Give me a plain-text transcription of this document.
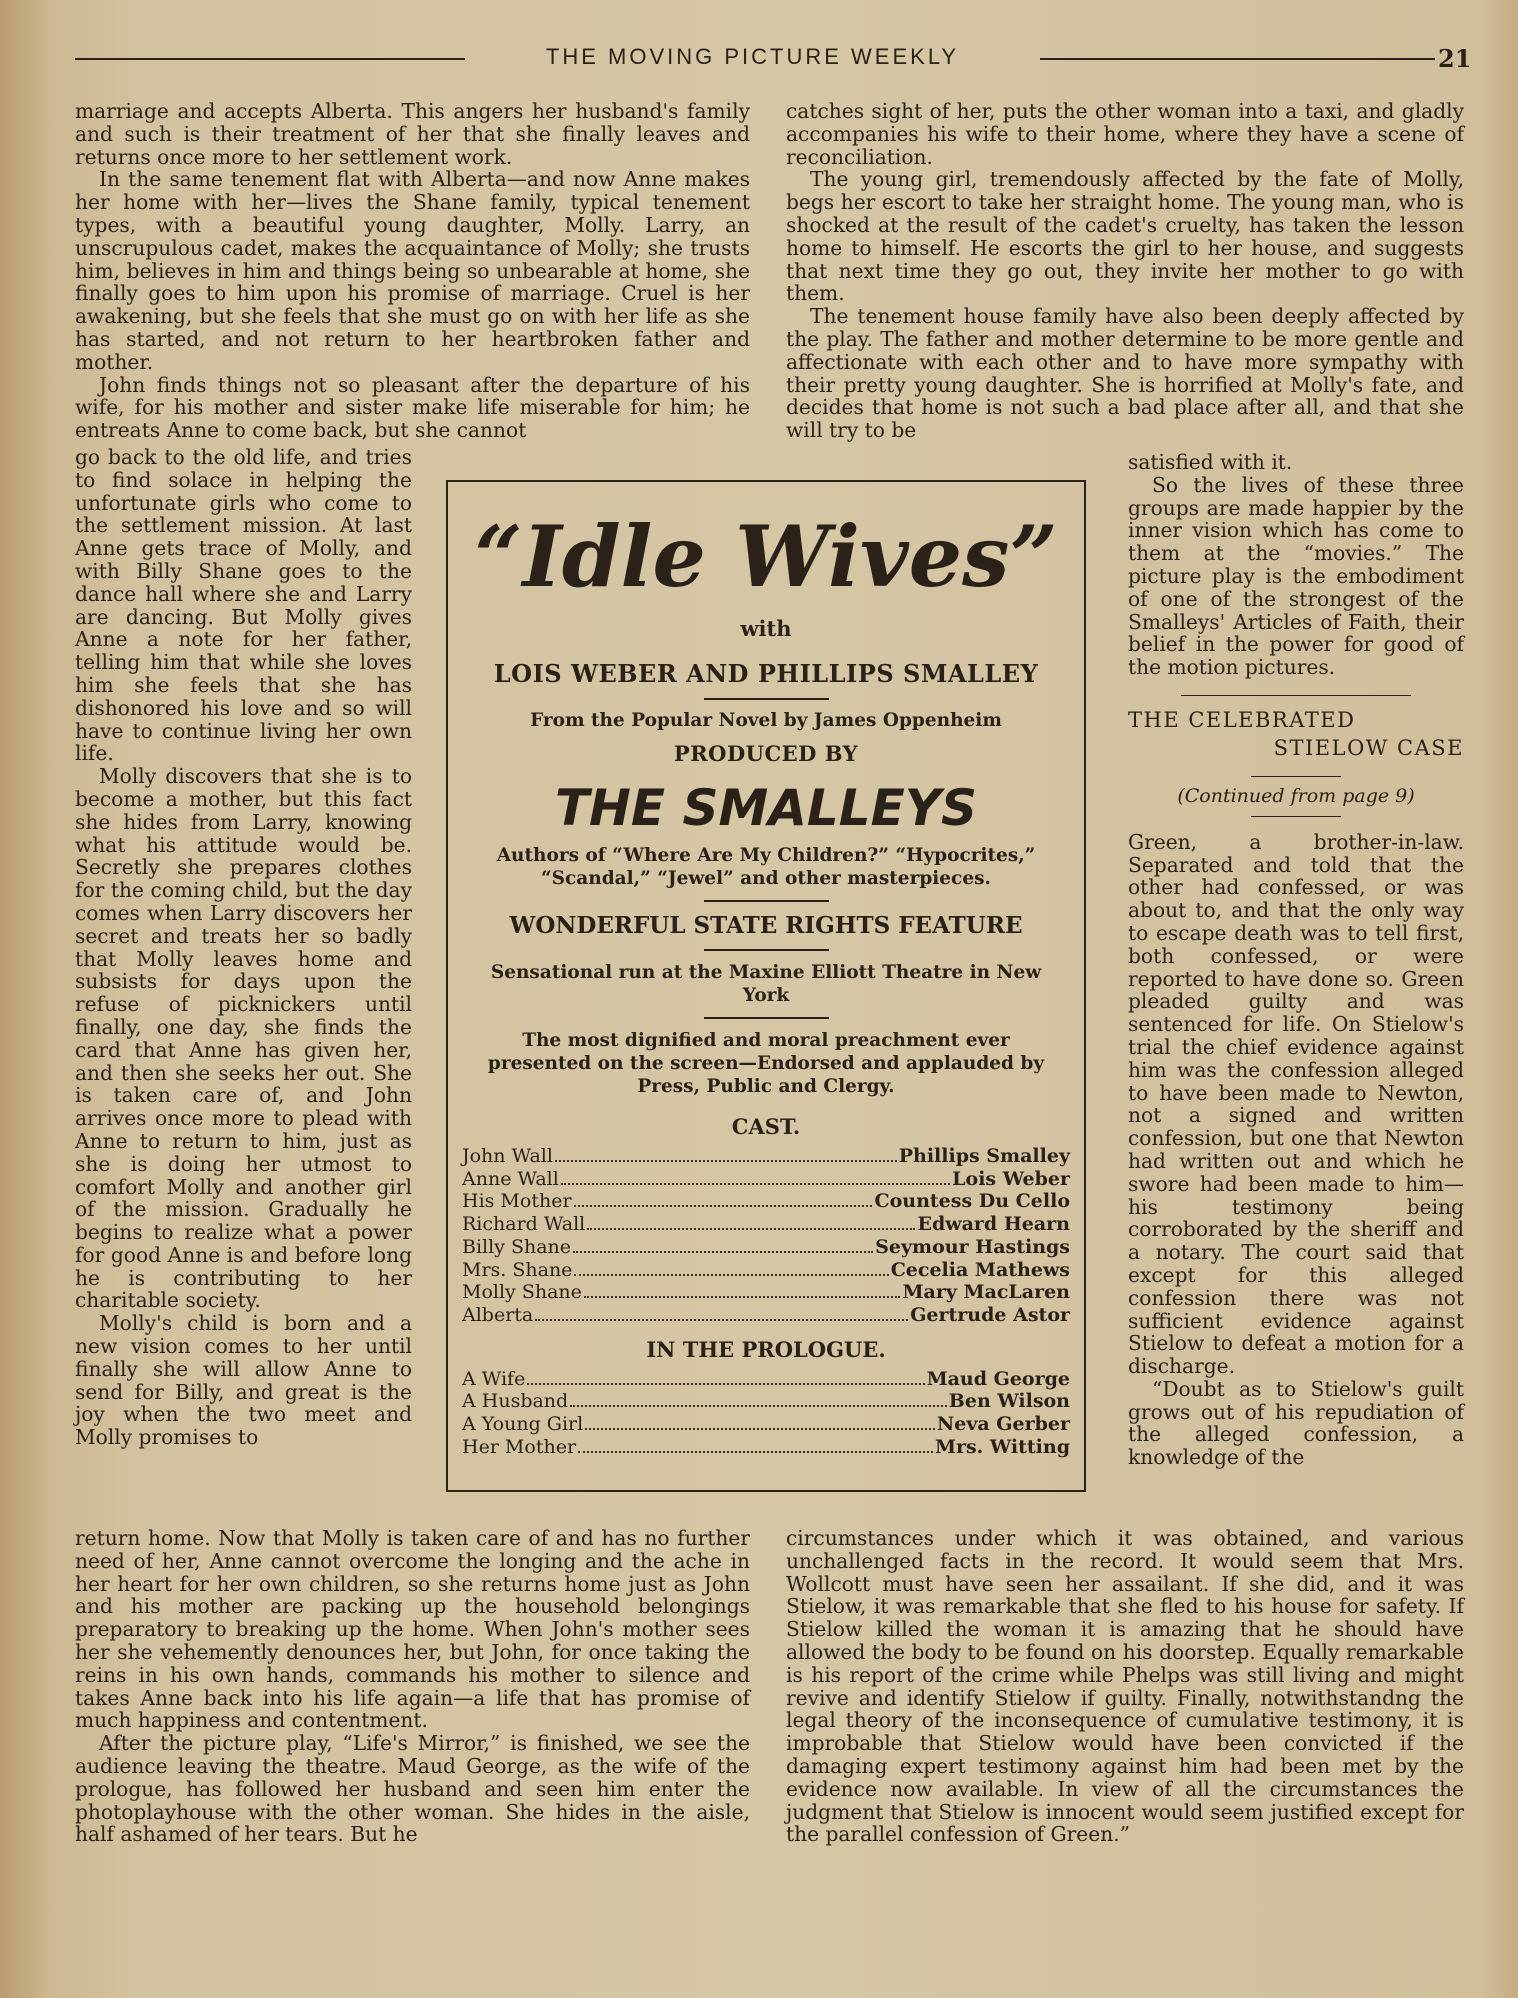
THE MOVING PICTURE WEEKLY	21

marriage and accepts Alberta. This angers her husband's family and such is their treatment of her that she finally leaves and returns once more to her settlement work.

In the same tenement flat with Alberta—and now Anne makes her home with her—lives the Shane family, typical tenement types, with a beautiful young daughter, Molly. Larry, an unscrupulous cadet, makes the acquaintance of Molly; she trusts him, believes in him and things being so unbearable at home, she finally goes to him upon his promise of marriage. Cruel is her awakening, but she feels that she must go on with her life as she has started, and not return to her heartbroken father and mother.

John finds things not so pleasant after the departure of his wife, for his mother and sister make life miserable for him; he entreats Anne to come back, but she cannot

go back to the old life, and tries to find solace in helping the unfortunate girls who come to the settlement mission. At last Anne gets trace of Molly, and with Billy Shane goes to the dance hall where she and Larry are dancing. But Molly gives Anne a note for her father, telling him that while she loves him she feels that she has dishonored his love and so will have to continue living her own life.

Molly discovers that she is to become a mother, but this fact she hides from Larry, knowing what his attitude would be. Secretly she prepares clothes for the coming child, but the day comes when Larry discovers her secret and treats her so badly that Molly leaves home and subsists for days upon the refuse of picknickers until finally, one day, she finds the card that Anne has given her, and then she seeks her out. She is taken care of, and John arrives once more to plead with Anne to return to him, just as she is doing her utmost to comfort Molly and another girl of the mission. Gradually he begins to realize what a power for good Anne is and before long he is contributing to her charitable society.

Molly's child is born and a new vision comes to her until finally she will allow Anne to send for Billy, and great is the joy when the two meet and Molly promises to

return home. Now that Molly is taken care of and has no further need of her, Anne cannot overcome the longing and the ache in her heart for her own children, so she returns home just as John and his mother are packing up the household belongings preparatory to breaking up the home. When John's mother sees her she vehemently denounces her, but John, for once taking the reins in his own hands, commands his mother to silence and takes Anne back into his life again—a life that has promise of much happiness and contentment.

After the picture play, “Life's Mirror,” is finished, we see the audience leaving the theatre. Maud George, as the wife of the prologue, has followed her husband and seen him enter the photoplayhouse with the other woman. She hides in the aisle, half ashamed of her tears. But he

catches sight of her, puts the other woman into a taxi, and gladly accompanies his wife to their home, where they have a scene of reconciliation.

The young girl, tremendously affected by the fate of Molly, begs her escort to take her straight home. The young man, who is shocked at the result of the cadet's cruelty, has taken the lesson home to himself. He escorts the girl to her house, and suggests that next time they go out, they invite her mother to go with them.

The tenement house family have also been deeply affected by the play. The father and mother determine to be more gentle and affectionate with each other and to have more sympathy with their pretty young daughter. She is horrified at Molly's fate, and decides that home is not such a bad place after all, and that she will try to be

satisfied with it.

So the lives of these three groups are made happier by the inner vision which has come to them at the “movies.” The picture play is the embodiment of one of the strongest of the Smalleys' Articles of Faith, their belief in the power for good of the motion pictures.

THE CELEBRATED
STIELOW CASE
(Continued from page 9)

Green, a brother-in-law. Separated and told that the other had confessed, or was about to, and that the only way to escape death was to tell first, both confessed, or were reported to have done so. Green pleaded guilty and was sentenced for life. On Stielow's trial the chief evidence against him was the confession alleged to have been made to Newton, not a signed and written confession, but one that Newton had written out and which he swore had been made to him—his testimony being corroborated by the sheriff and a notary. The court said that except for this alleged confession there was not sufficient evidence against Stielow to defeat a motion for a discharge.

“Doubt as to Stielow's guilt grows out of his repudiation of the alleged confession, a knowledge of the

circumstances under which it was obtained, and various unchallenged facts in the record. It would seem that Mrs. Wollcott must have seen her assailant. If she did, and it was Stielow, it was remarkable that she fled to his house for safety. If Stielow killed the woman it is amazing that he should have allowed the body to be found on his doorstep. Equally remarkable is his report of the crime while Phelps was still living and might revive and identify Stielow if guilty. Finally, notwithstandng the legal theory of the inconsequence of cumulative testimony, it is improbable that Stielow would have been convicted if the damaging expert testimony against him had been met by the evidence now available. In view of all the circumstances the judgment that Stielow is innocent would seem justified except for the parallel confession of Green.”

“Idle Wives”
with
LOIS WEBER AND PHILLIPS SMALLEY
From the Popular Novel by James Oppenheim
PRODUCED BY
THE SMALLEYS
Authors of “Where Are My Children?” “Hypocrites,” “Scandal,” “Jewel” and other masterpieces.
WONDERFUL STATE RIGHTS FEATURE
Sensational run at the Maxine Elliott Theatre in New York
The most dignified and moral preachment ever presented on the screen—Endorsed and applauded by Press, Public and Clergy.
CAST.
John Wall	Phillips Smalley
Anne Wall	Lois Weber
His Mother	Countess Du Cello
Richard Wall	Edward Hearn
Billy Shane	Seymour Hastings
Mrs. Shane	Cecelia Mathews
Molly Shane	Mary MacLaren
Alberta	Gertrude Astor
IN THE PROLOGUE.
A Wife	Maud George
A Husband	Ben Wilson
A Young Girl	Neva Gerber
Her Mother	Mrs. Witting
